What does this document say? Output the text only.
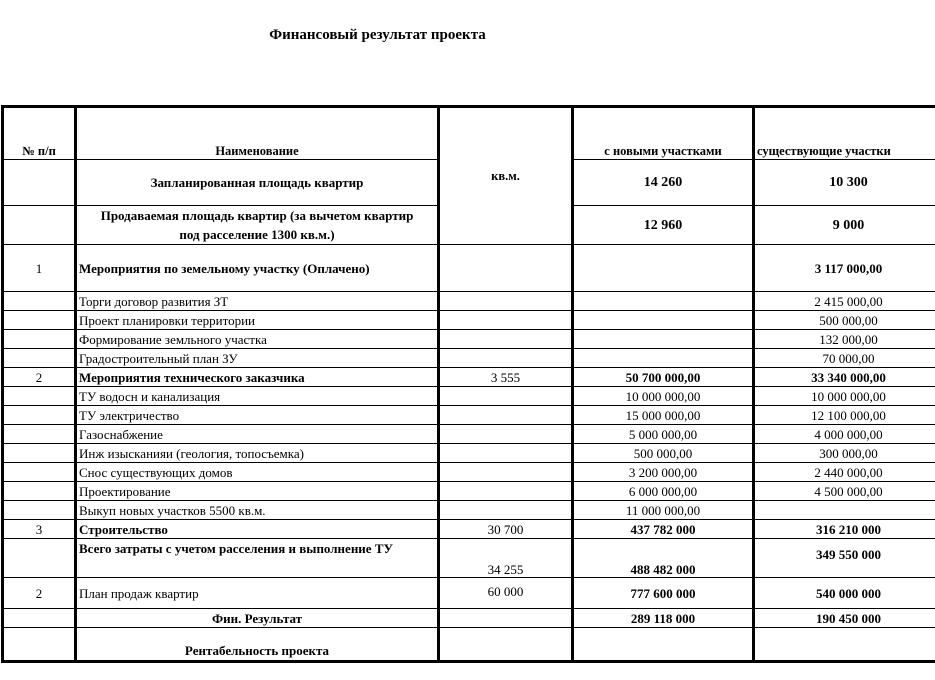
Финансовый результат проекта
№ п/п	Наименование	кв.м.	с новыми участками	существующие участки
	Запланированная площадь квартир		14 260	10 300
	Продаваемая площадь квартир (за вычетом квартир под расселение 1300 кв.м.)		12 960	9 000
1	Мероприятия по земельному участку (Оплачено)			3 117 000,00
	Торги договор развития ЗТ			2 415 000,00
	Проект планировки территории			500 000,00
	Формирование земльного участка			132 000,00
	Градостроительный план ЗУ			70 000,00
2	Мероприятия технического заказчика	3 555	50 700 000,00	33 340 000,00
	ТУ водосн и канализация		10 000 000,00	10 000 000,00
	ТУ электричество		15 000 000,00	12 100 000,00
	Газоснабжение		5 000 000,00	4 000 000,00
	Инж изысканияи (геология, топосъемка)		500 000,00	300 000,00
	Снос существующих домов		3 200 000,00	2 440 000,00
	Проектирование		6 000 000,00	4 500 000,00
	Выкуп новых участков 5500 кв.м.		11 000 000,00	
3	Строительство	30 700	437 782 000	316 210 000
	Всего затраты с учетом расселения и выполнение ТУ	34 255	488 482 000	349 550 000
2	План продаж квартир	60 000	777 600 000	540 000 000
	Фин. Результат		289 118 000	190 450 000
	Рентабельность проекта			
